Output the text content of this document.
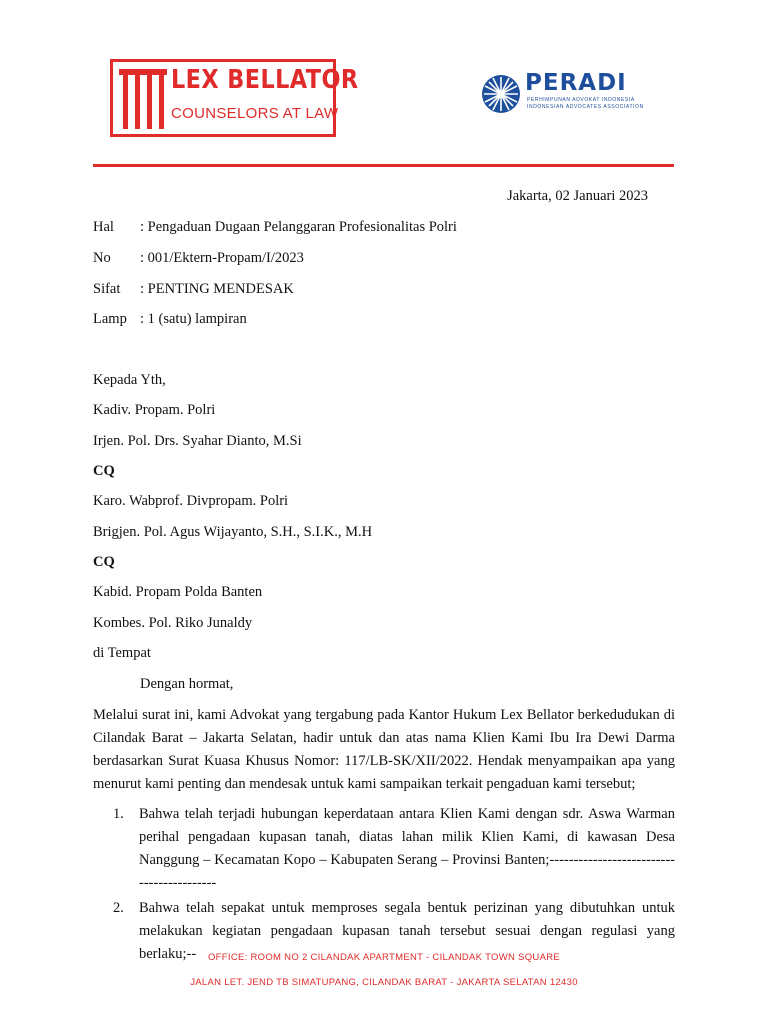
LEX BELLATOR
COUNSELORS AT LAW
PERADI
PERHIMPUNAN ADVOKAT INDONESIA
INDONESIAN ADVOCATES ASSOCIATION
Jakarta, 02 Januari 2023
Hal : Pengaduan Dugaan Pelanggaran Profesionalitas Polri
No : 001/Ektern-Propam/I/2023
Sifat : PENTING MENDESAK
Lamp : 1 (satu) lampiran
Kepada Yth,
Kadiv. Propam. Polri
Irjen. Pol. Drs. Syahar Dianto, M.Si
CQ
Karo. Wabprof. Divpropam. Polri
Brigjen. Pol. Agus Wijayanto, S.H., S.I.K., M.H
CQ
Kabid. Propam Polda Banten
Kombes. Pol. Riko Junaldy
di Tempat
Dengan hormat,
Melalui surat ini, kami Advokat yang tergabung pada Kantor Hukum Lex Bellator berkedudukan di Cilandak Barat – Jakarta Selatan, hadir untuk dan atas nama Klien Kami Ibu Ira Dewi Darma berdasarkan Surat Kuasa Khusus Nomor: 117/LB-SK/XII/2022. Hendak menyampaikan apa yang menurut kami penting dan mendesak untuk kami sampaikan terkait pengaduan kami tersebut;
1. Bahwa telah terjadi hubungan keperdataan antara Klien Kami dengan sdr. Aswa Warman perihal pengadaan kupasan tanah, diatas lahan milik Klien Kami, di kawasan Desa Nanggung – Kecamatan Kopo – Kabupaten Serang – Provinsi Banten;------------------------------------------
2. Bahwa telah sepakat untuk memproses segala bentuk perizinan yang dibutuhkan untuk melakukan kegiatan pengadaan kupasan tanah tersebut sesuai dengan regulasi yang berlaku;--	OFFICE: ROOM NO 2 CILANDAK APARTMENT - CILANDAK TOWN SQUARE
JALAN LET. JEND TB SIMATUPANG, CILANDAK BARAT - JAKARTA SELATAN 12430
